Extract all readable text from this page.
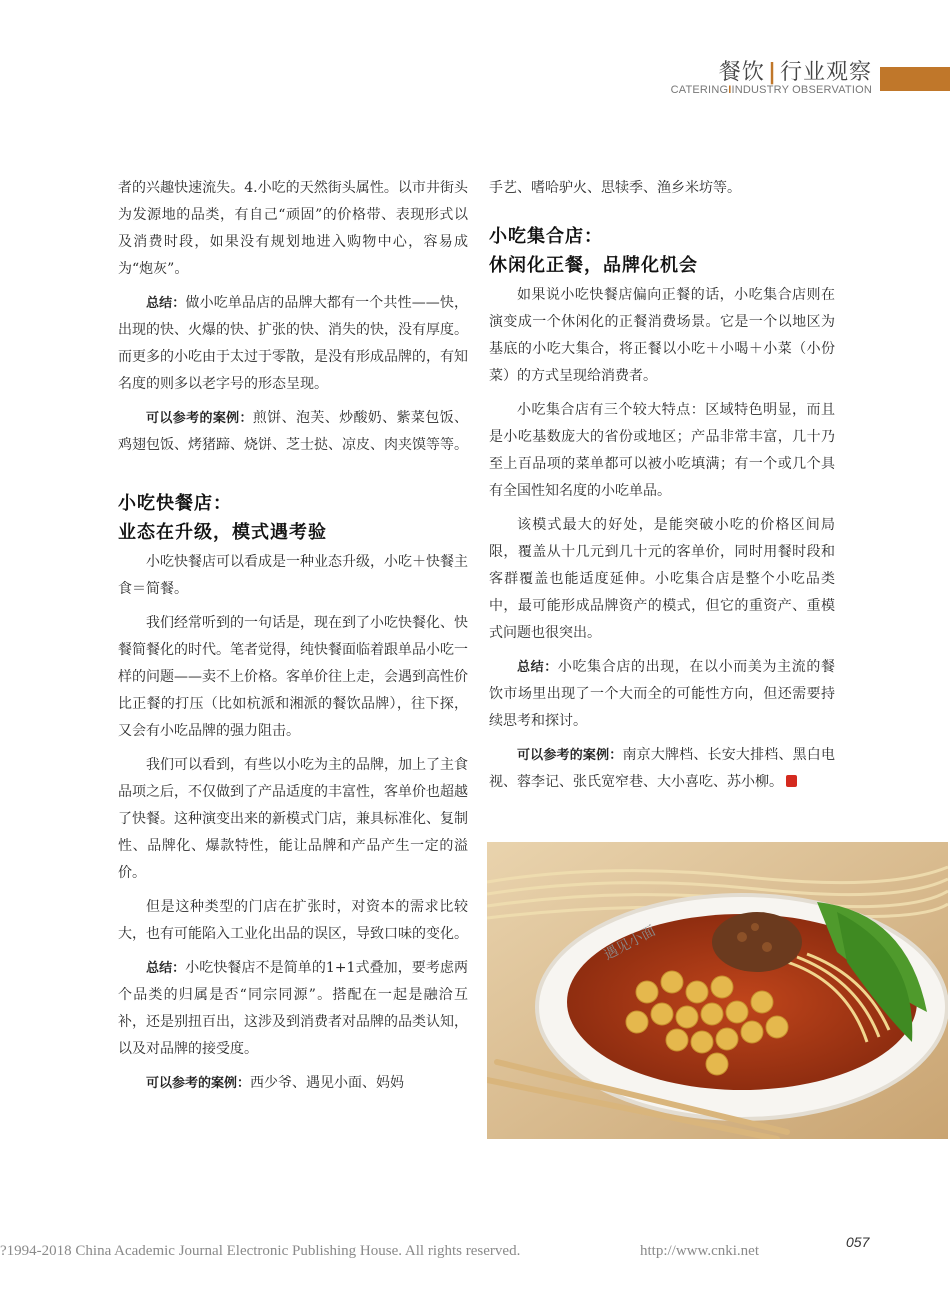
餐饮 | 行业观察
CATERINGIINDUSTRY OBSERVATION

者的兴趣快速流失。4.小吃的天然街头属性。以市井街头为发源地的品类，有自己“顽固”的价格带、表现形式以及消费时段，如果没有规划地进入购物中心，容易成为“炮灰”。

总结：做小吃单品店的品牌大都有一个共性——快，出现的快、火爆的快、扩张的快、消失的快，没有厚度。而更多的小吃由于太过于零散，是没有形成品牌的，有知名度的则多以老字号的形态呈现。

可以参考的案例：煎饼、泡芙、炒酸奶、紫菜包饭、鸡翅包饭、烤猪蹄、烧饼、芝士挞、凉皮、肉夹馍等等。

小吃快餐店：
业态在升级，模式遇考验

小吃快餐店可以看成是一种业态升级，小吃＋快餐主食＝简餐。

我们经常听到的一句话是，现在到了小吃快餐化、快餐简餐化的时代。笔者觉得，纯快餐面临着跟单品小吃一样的问题——卖不上价格。客单价往上走，会遇到高性价比正餐的打压（比如杭派和湘派的餐饮品牌），往下探，又会有小吃品牌的强力阻击。

我们可以看到，有些以小吃为主的品牌，加上了主食品项之后，不仅做到了产品适度的丰富性，客单价也超越了快餐。这种演变出来的新模式门店，兼具标准化、复制性、品牌化、爆款特性，能让品牌和产品产生一定的溢价。

但是这种类型的门店在扩张时，对资本的需求比较大，也有可能陷入工业化出品的误区，导致口味的变化。

总结：小吃快餐店不是简单的1+1式叠加，要考虑两个品类的归属是否“同宗同源”。搭配在一起是融洽互补，还是别扭百出，这涉及到消费者对品牌的品类认知，以及对品牌的接受度。

可以参考的案例：西少爷、遇见小面、妈妈

手艺、嗜哈驴火、思犊季、渔乡米坊等。

小吃集合店：
休闲化正餐，品牌化机会

如果说小吃快餐店偏向正餐的话，小吃集合店则在演变成一个休闲化的正餐消费场景。它是一个以地区为基底的小吃大集合，将正餐以小吃＋小喝＋小菜（小份菜）的方式呈现给消费者。

小吃集合店有三个较大特点：区域特色明显，而且是小吃基数庞大的省份或地区；产品非常丰富，几十乃至上百品项的菜单都可以被小吃填满；有一个或几个具有全国性知名度的小吃单品。

该模式最大的好处，是能突破小吃的价格区间局限，覆盖从十几元到几十元的客单价，同时用餐时段和客群覆盖也能适度延伸。小吃集合店是整个小吃品类中，最可能形成品牌资产的模式，但它的重资产、重模式问题也很突出。

总结：小吃集合店的出现，在以小而美为主流的餐饮市场里出现了一个大而全的可能性方向，但还需要持续思考和探讨。

可以参考的案例：南京大牌档、长安大排档、黑白电视、蓉李记、张氏宽窄巷、大小喜吃、苏小柳。

遇见小面
?1994-2018 China Academic Journal Electronic Publishing House. All rights reserved.	http://www.cnki.net
057
